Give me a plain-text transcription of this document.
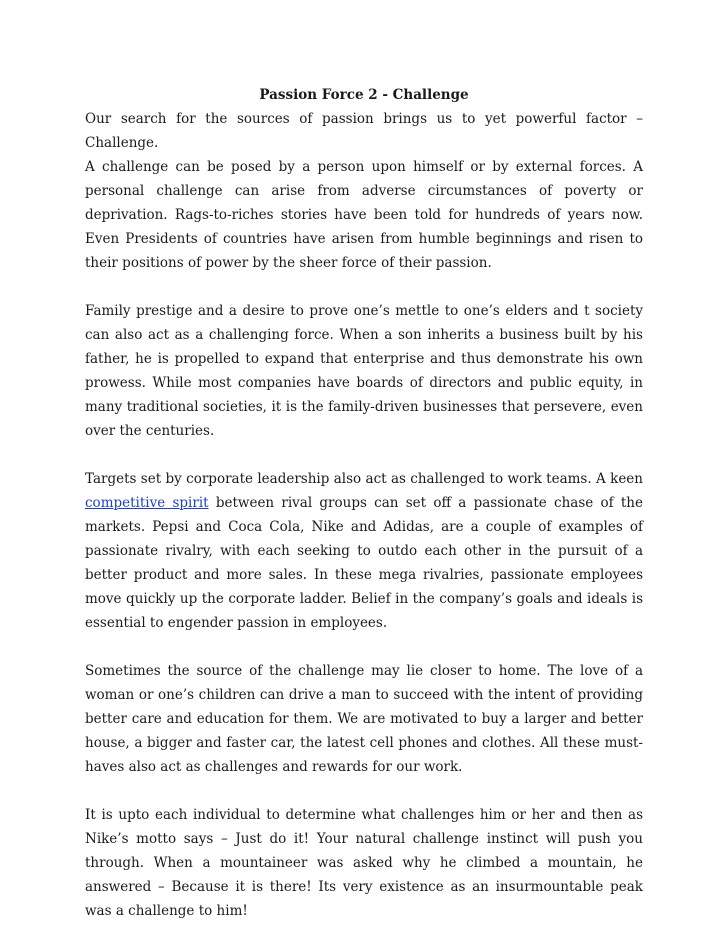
Passion Force 2 - Challenge

Our search for the sources of passion brings us to yet powerful factor – Challenge.

A challenge can be posed by a person upon himself or by external forces. A personal challenge can arise from adverse circumstances of poverty or deprivation. Rags-to-riches stories have been told for hundreds of years now. Even Presidents of countries have arisen from humble beginnings and risen to their positions of power by the sheer force of their passion.

Family prestige and a desire to prove one’s mettle to one’s elders and t society can also act as a challenging force. When a son inherits a business built by his father, he is propelled to expand that enterprise and thus demonstrate his own prowess. While most companies have boards of directors and public equity, in many traditional societies, it is the family-driven businesses that persevere, even over the centuries.

Targets set by corporate leadership also act as challenged to work teams. A keen competitive spirit between rival groups can set off a passionate chase of the markets. Pepsi and Coca Cola, Nike and Adidas, are a couple of examples of passionate rivalry, with each seeking to outdo each other in the pursuit of a better product and more sales. In these mega rivalries, passionate employees move quickly up the corporate ladder. Belief in the company’s goals and ideals is essential to engender passion in employees.

Sometimes the source of the challenge may lie closer to home. The love of a woman or one’s children can drive a man to succeed with the intent of providing better care and education for them. We are motivated to buy a larger and better house, a bigger and faster car, the latest cell phones and clothes. All these must-haves also act as challenges and rewards for our work.

It is upto each individual to determine what challenges him or her and then as Nike’s motto says – Just do it! Your natural challenge instinct will push you through. When a mountaineer was asked why he climbed a mountain, he answered – Because it is there! Its very existence as an insurmountable peak was a challenge to him!
